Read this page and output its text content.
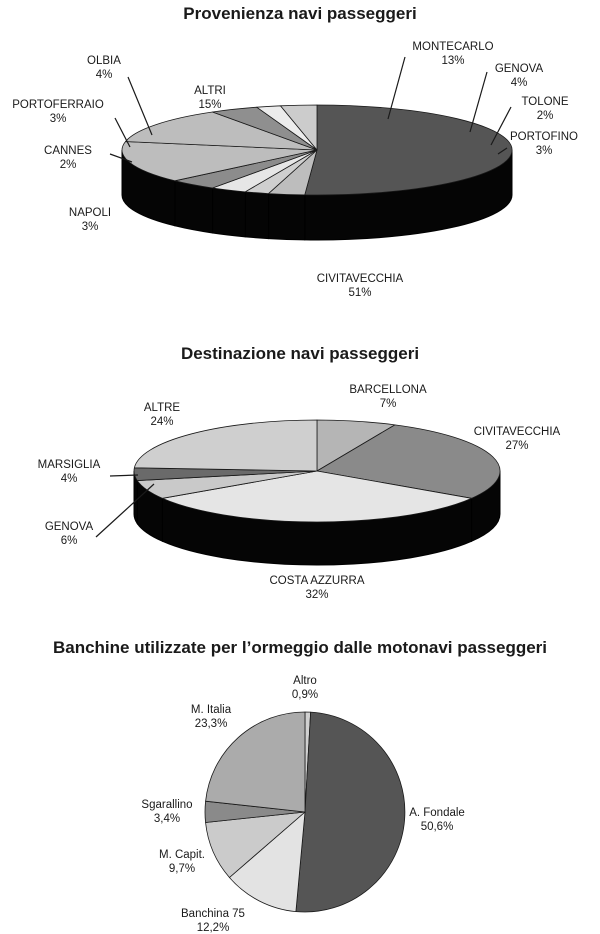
Provenienza navi passeggeri
Destinazione navi passeggeri
Banchine utilizzate per l’ormeggio dalle motonavi passeggeri
CIVITAVECCHIA
51%
NAPOLI
3%
CANNES
2%
PORTOFERRAIO
3%
OLBIA
4%
ALTRI
15%
MONTECARLO
13%
GENOVA
4%
TOLONE
2%
PORTOFINO
3%
BARCELLONA
7%
CIVITAVECCHIA
27%
COSTA AZZURRA
32%
GENOVA
6%
MARSIGLIA
4%
ALTRE
24%
Altro
0,9%
A. Fondale
50,6%
Banchina 75
12,2%
M. Capit.
9,7%
Sgarallino
3,4%
M. Italia
23,3%
